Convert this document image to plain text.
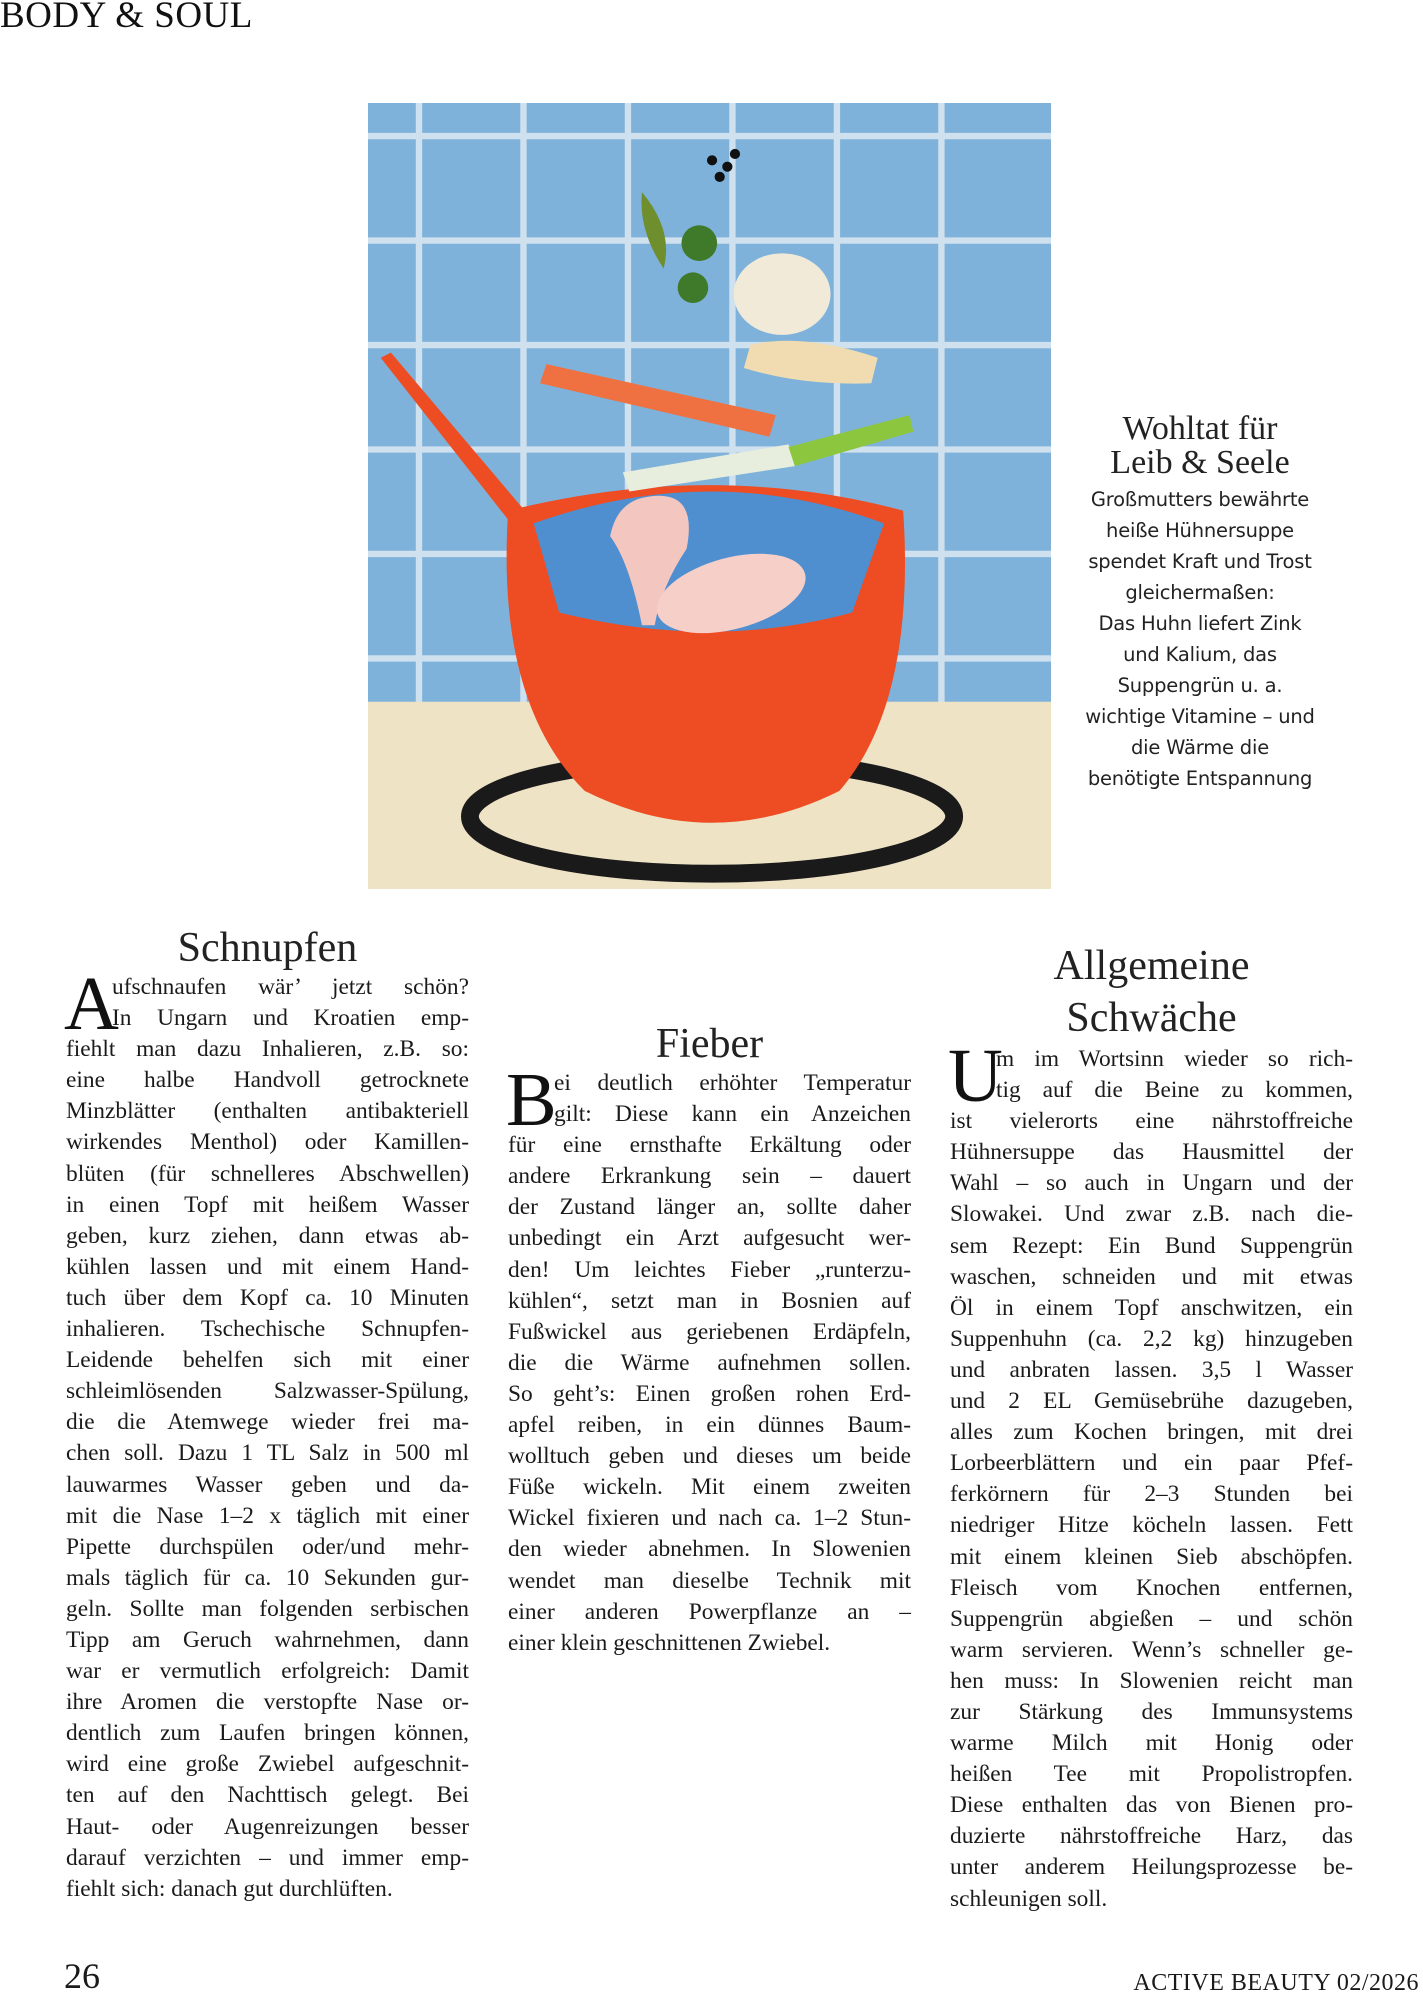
BODY & SOUL
Wohltat für
Leib & Seele
Großmutters bewährte
heiße Hühnersuppe
spendet Kraft und Trost
gleichermaßen:
Das Huhn liefert Zink
und Kalium, das
Suppengrün u. a.
wichtige Vitamine – und
die Wärme die
benötigte Entspannung
Schnupfen
A
ufschnaufen wär’ jetzt schön?
In Ungarn und Kroatien emp-
fiehlt man dazu Inhalieren, z.B. so:
eine halbe Handvoll getrocknete
Minzblätter (enthalten antibakteriell
wirkendes Menthol) oder Kamillen-
blüten (für schnelleres Abschwellen)
in einen Topf mit heißem Wasser
geben, kurz ziehen, dann etwas ab-
kühlen lassen und mit einem Hand-
tuch über dem Kopf ca. 10 Minuten
inhalieren. Tschechische Schnupfen-
Leidende behelfen sich mit einer
schleimlösenden Salzwasser-Spülung,
die die Atemwege wieder frei ma-
chen soll. Dazu 1 TL Salz in 500 ml
lauwarmes Wasser geben und da-
mit die Nase 1–2 x täglich mit einer
Pipette durchspülen oder/und mehr-
mals täglich für ca. 10 Sekunden gur-
geln. Sollte man folgenden serbischen
Tipp am Geruch wahrnehmen, dann
war er vermutlich erfolgreich: Damit
ihre Aromen die verstopfte Nase or-
dentlich zum Laufen bringen können,
wird eine große Zwiebel aufgeschnit-
ten auf den Nachttisch gelegt. Bei
Haut- oder Augenreizungen besser
darauf verzichten – und immer emp-
fiehlt sich: danach gut durchlüften.
Fieber
B
ei deutlich erhöhter Temperatur
gilt: Diese kann ein Anzeichen
für eine ernsthafte Erkältung oder
andere Erkrankung sein – dauert
der Zustand länger an, sollte daher
unbedingt ein Arzt aufgesucht wer-
den! Um leichtes Fieber „runterzu-
kühlen“, setzt man in Bosnien auf
Fußwickel aus geriebenen Erdäpfeln,
die die Wärme aufnehmen sollen.
So geht’s: Einen großen rohen Erd-
apfel reiben, in ein dünnes Baum-
wolltuch geben und dieses um beide
Füße wickeln. Mit einem zweiten
Wickel fixieren und nach ca. 1–2 Stun-
den wieder abnehmen. In Slowenien
wendet man dieselbe Technik mit
einer anderen Powerpflanze an –
einer klein geschnittenen Zwiebel.
Allgemeine
Schwäche
U
m im Wortsinn wieder so rich-
tig auf die Beine zu kommen,
ist vielerorts eine nährstoffreiche
Hühnersuppe das Hausmittel der
Wahl – so auch in Ungarn und der
Slowakei. Und zwar z.B. nach die-
sem Rezept: Ein Bund Suppengrün
waschen, schneiden und mit etwas
Öl in einem Topf anschwitzen, ein
Suppenhuhn (ca. 2,2 kg) hinzugeben
und anbraten lassen. 3,5 l Wasser
und 2 EL Gemüsebrühe dazugeben,
alles zum Kochen bringen, mit drei
Lorbeerblättern und ein paar Pfef-
ferkörnern für 2–3 Stunden bei
niedriger Hitze köcheln lassen. Fett
mit einem kleinen Sieb abschöpfen.
Fleisch vom Knochen entfernen,
Suppengrün abgießen – und schön
warm servieren. Wenn’s schneller ge-
hen muss: In Slowenien reicht man
zur Stärkung des Immunsystems
warme Milch mit Honig oder
heißen Tee mit Propolistropfen.
Diese enthalten das von Bienen pro-
duzierte nährstoffreiche Harz, das
unter anderem Heilungsprozesse be-
schleunigen soll.
26	ACTIVE BEAUTY 02/2026
